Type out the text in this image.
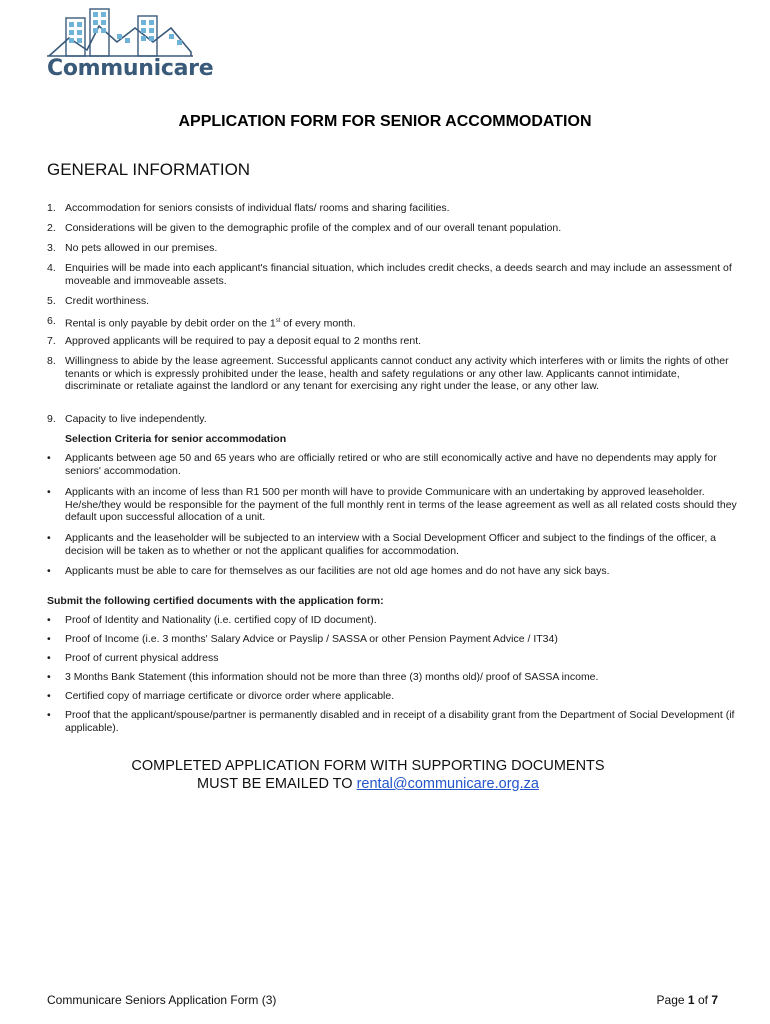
Communicare
APPLICATION FORM FOR SENIOR ACCOMMODATION
GENERAL INFORMATION
1. Accommodation for seniors consists of individual flats/ rooms and sharing facilities.
2. Considerations will be given to the demographic profile of the complex and of our overall tenant population.
3. No pets allowed in our premises.
4. Enquiries will be made into each applicant's financial situation, which includes credit checks, a deeds search and may include an assessment of moveable and immoveable assets.
5. Credit worthiness.
6. Rental is only payable by debit order on the 1st of every month.
7. Approved applicants will be required to pay a deposit equal to 2 months rent.
8. Willingness to abide by the lease agreement. Successful applicants cannot conduct any activity which interferes with or limits the rights of other tenants or which is expressly prohibited under the lease, health and safety regulations or any other law. Applicants cannot intimidate, discriminate or retaliate against the landlord or any tenant for exercising any right under the lease, or any other law.
9. Capacity to live independently.
Selection Criteria for senior accommodation
•	Applicants between age 50 and 65 years who are officially retired or who are still economically active and have no dependents may apply for seniors' accommodation.
•	Applicants with an income of less than R1 500 per month will have to provide Communicare with an undertaking by approved leaseholder. He/she/they would be responsible for the payment of the full monthly rent in terms of the lease agreement as well as all related costs should they default upon successful allocation of a unit.
•	Applicants and the leaseholder will be subjected to an interview with a Social Development Officer and subject to the findings of the officer, a decision will be taken as to whether or not the applicant qualifies for accommodation.
•	Applicants must be able to care for themselves as our facilities are not old age homes and do not have any sick bays.
Submit the following certified documents with the application form:
•	Proof of Identity and Nationality (i.e. certified copy of ID document).
•	Proof of Income (i.e. 3 months' Salary Advice or Payslip / SASSA or other Pension Payment Advice / IT34)
•	Proof of current physical address
•	3 Months Bank Statement (this information should not be more than three (3) months old)/ proof of SASSA income.
•	Certified copy of marriage certificate or divorce order where applicable.
•	Proof that the applicant/spouse/partner is permanently disabled and in receipt of a disability grant from the Department of Social Development (if applicable).
COMPLETED APPLICATION FORM WITH SUPPORTING DOCUMENTS
MUST BE EMAILED TO rental@communicare.org.za
Communicare Seniors Application Form (3)	Page 1 of 7
